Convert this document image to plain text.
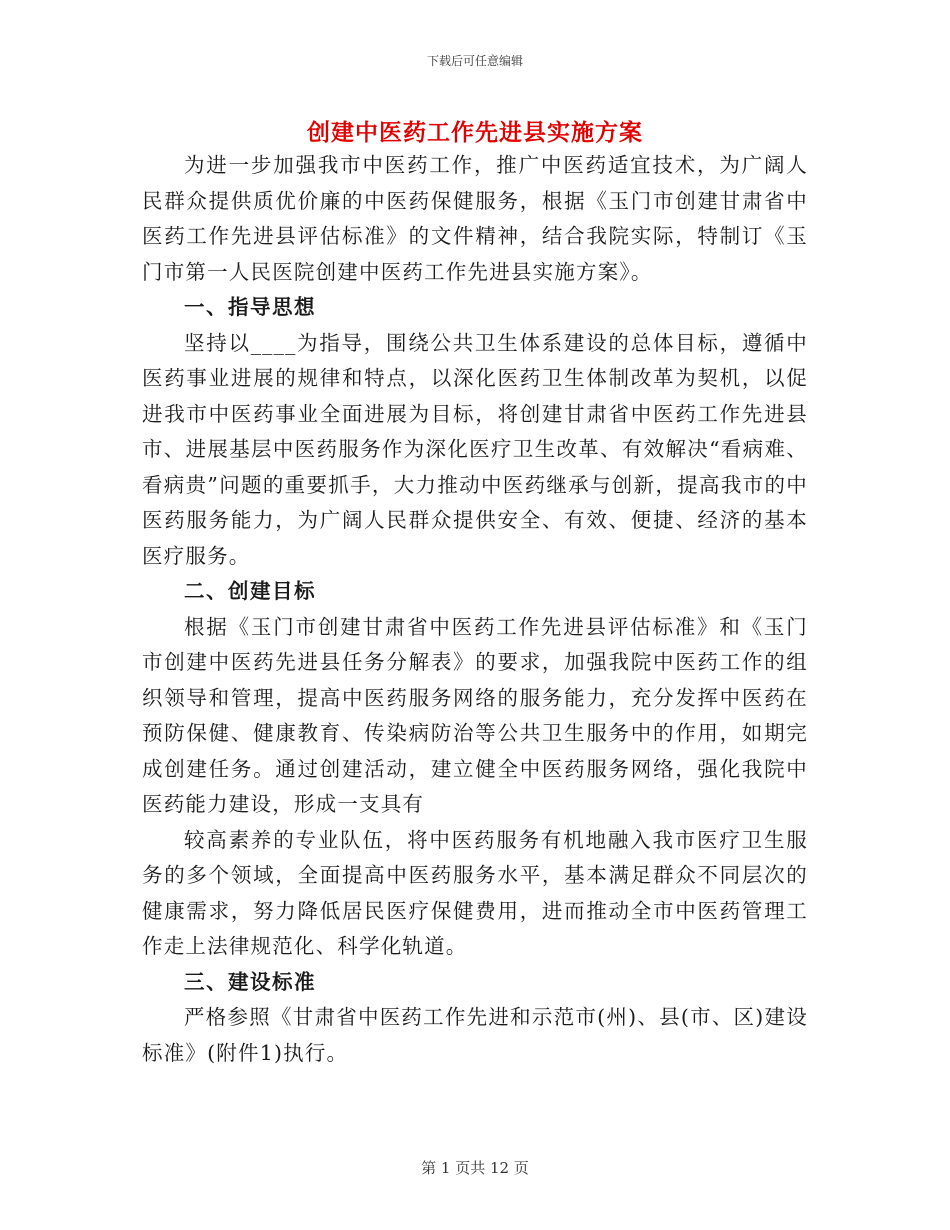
下载后可任意编辑
创建中医药工作先进县实施方案

为进一步加强我市中医药工作，推广中医药适宜技术，为广阔人民群众提供质优价廉的中医药保健服务，根据《玉门市创建甘肃省中医药工作先进县评估标准》的文件精神，结合我院实际，特制订《玉门市第一人民医院创建中医药工作先进县实施方案》。

一、指导思想

坚持以____为指导，围绕公共卫生体系建设的总体目标，遵循中医药事业进展的规律和特点，以深化医药卫生体制改革为契机，以促进我市中医药事业全面进展为目标，将创建甘肃省中医药工作先进县市、进展基层中医药服务作为深化医疗卫生改革、有效解决“看病难、看病贵”问题的重要抓手，大力推动中医药继承与创新，提高我市的中医药服务能力，为广阔人民群众提供安全、有效、便捷、经济的基本医疗服务。

二、创建目标

根据《玉门市创建甘肃省中医药工作先进县评估标准》和《玉门市创建中医药先进县任务分解表》的要求，加强我院中医药工作的组织领导和管理，提高中医药服务网络的服务能力，充分发挥中医药在预防保健、健康教育、传染病防治等公共卫生服务中的作用，如期完成创建任务。通过创建活动，建立健全中医药服务网络，强化我院中医药能力建设，形成一支具有

较高素养的专业队伍，将中医药服务有机地融入我市医疗卫生服务的多个领域，全面提高中医药服务水平，基本满足群众不同层次的健康需求，努力降低居民医疗保健费用，进而推动全市中医药管理工作走上法律规范化、科学化轨道。

三、建设标准

严格参照《甘肃省中医药工作先进和示范市(州)、县(市、区)建设标准》(附件1)执行。

第 1 页共 12 页
